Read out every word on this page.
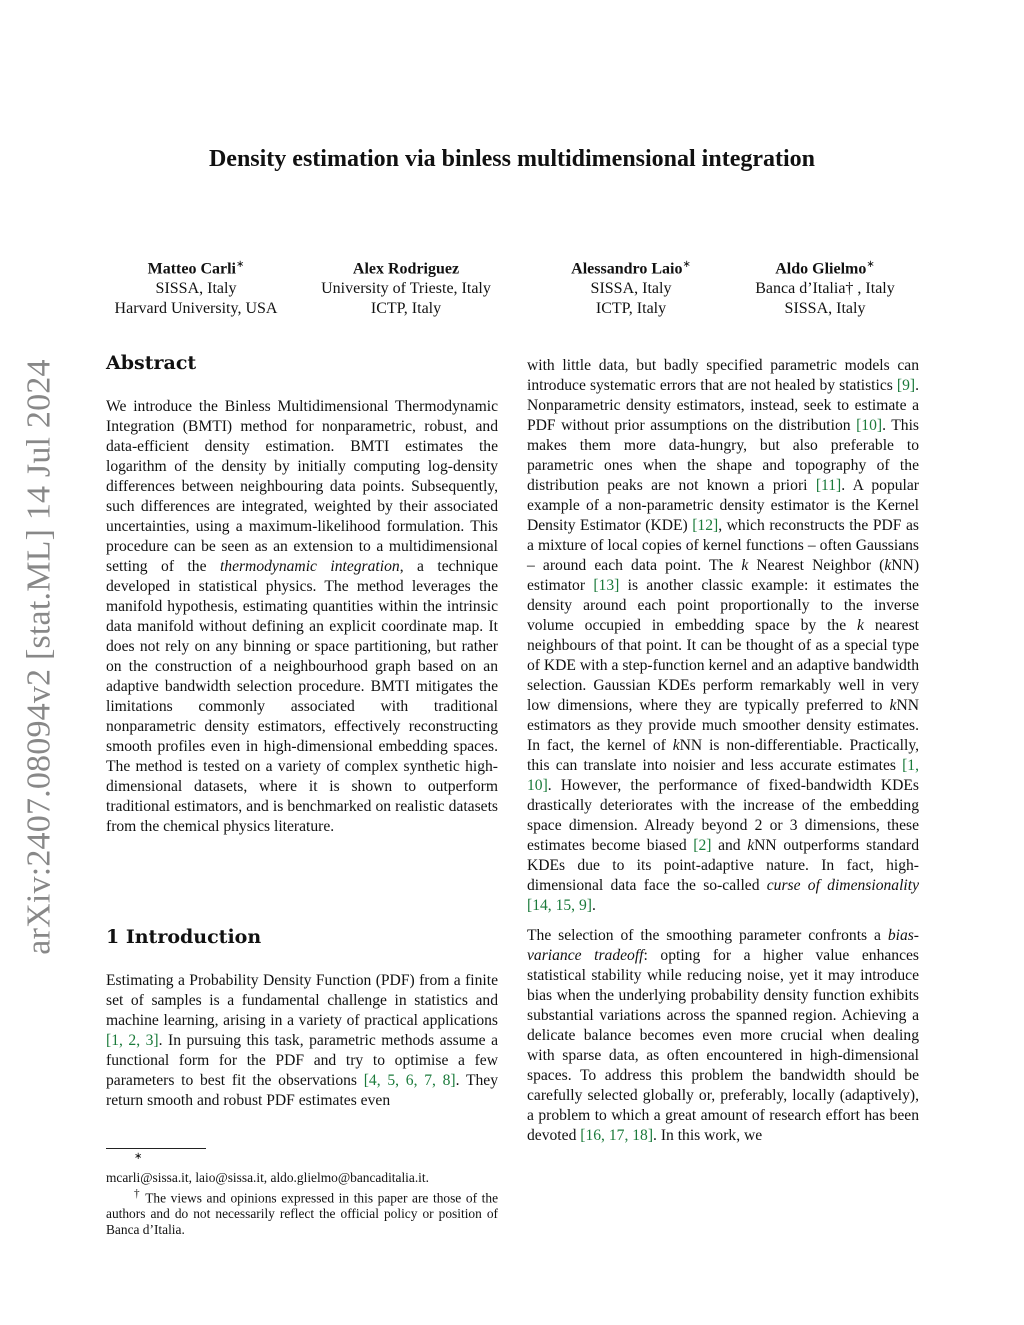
arXiv:2407.08094v2 [stat.ML] 14 Jul 2024
Density estimation via binless multidimensional integration
Matteo Carli∗
SISSA, Italy
Harvard University, USA
Alex Rodriguez
University of Trieste, Italy
ICTP, Italy
Alessandro Laio∗
SISSA, Italy
ICTP, Italy
Aldo Glielmo∗
Banca d’Italia† , Italy
SISSA, Italy
Abstract

We introduce the Binless Multidimensional Thermodynamic Integration (BMTI) method for nonparametric, robust, and data-efficient density estimation. BMTI estimates the logarithm of the density by initially computing log-density differences between neighbouring data points. Subsequently, such differences are integrated, weighted by their associated uncertainties, using a maximum-likelihood formulation. This procedure can be seen as an extension to a multidimensional setting of the thermodynamic integration, a technique developed in statistical physics. The method leverages the manifold hypothesis, estimating quantities within the intrinsic data manifold without defining an explicit coordinate map. It does not rely on any binning or space partitioning, but rather on the construction of a neighbourhood graph based on an adaptive bandwidth selection procedure. BMTI mitigates the limitations commonly associated with traditional nonparametric density estimators, effectively reconstructing smooth profiles even in high-dimensional embedding spaces. The method is tested on a variety of complex synthetic high-dimensional datasets, where it is shown to outperform traditional estimators, and is benchmarked on realistic datasets from the chemical physics literature.

1 Introduction

Estimating a Probability Density Function (PDF) from a finite set of samples is a fundamental challenge in statistics and machine learning, arising in a variety of practical applications [1, 2, 3]. In pursuing this task, parametric methods assume a functional form for the PDF and try to optimise a few parameters to best fit the observations [4, 5, 6, 7, 8]. They return smooth and robust PDF estimates even

∗
mcarli@sissa.it, laio@sissa.it, aldo.glielmo@bancaditalia.it.
† The views and opinions expressed in this paper are those of the authors and do not necessarily reflect the official policy or position of Banca d’Italia.

with little data, but badly specified parametric models can introduce systematic errors that are not healed by statistics [9]. Nonparametric density estimators, instead, seek to estimate a PDF without prior assumptions on the distribution [10]. This makes them more data-hungry, but also preferable to parametric ones when the shape and topography of the distribution peaks are not known a priori [11]. A popular example of a non-parametric density estimator is the Kernel Density Estimator (KDE) [12], which reconstructs the PDF as a mixture of local copies of kernel functions – often Gaussians – around each data point. The k Nearest Neighbor (kNN) estimator [13] is another classic example: it estimates the density around each point proportionally to the inverse volume occupied in embedding space by the k nearest neighbours of that point. It can be thought of as a special type of KDE with a step-function kernel and an adaptive bandwidth selection. Gaussian KDEs perform remarkably well in very low dimensions, where they are typically preferred to kNN estimators as they provide much smoother density estimates. In fact, the kernel of kNN is non-differentiable. Practically, this can translate into noisier and less accurate estimates [1, 10]. However, the performance of fixed-bandwidth KDEs drastically deteriorates with the increase of the embedding space dimension. Already beyond 2 or 3 dimensions, these estimates become biased [2] and kNN outperforms standard KDEs due to its point-adaptive nature. In fact, high-dimensional data face the so-called curse of dimensionality [14, 15, 9].

The selection of the smoothing parameter confronts a bias-variance tradeoff: opting for a higher value enhances statistical stability while reducing noise, yet it may introduce bias when the underlying probability density function exhibits substantial variations across the spanned region. Achieving a delicate balance becomes even more crucial when dealing with sparse data, as often encountered in high-dimensional spaces. To address this problem the bandwidth should be carefully selected globally or, preferably, locally (adaptively), a problem to which a great amount of research effort has been devoted [16, 17, 18]. In this work, we
